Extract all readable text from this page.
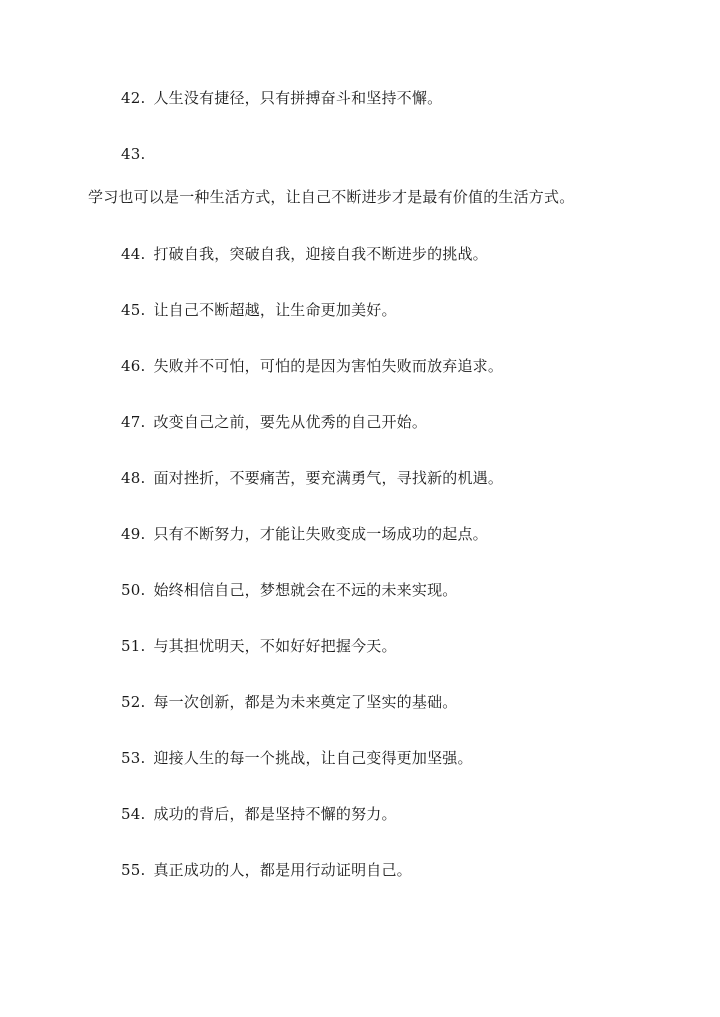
42. 人生没有捷径，只有拼搏奋斗和坚持不懈。
43.
学习也可以是一种生活方式，让自己不断进步才是最有价值的生活方式。
44. 打破自我，突破自我，迎接自我不断进步的挑战。
45. 让自己不断超越，让生命更加美好。
46. 失败并不可怕，可怕的是因为害怕失败而放弃追求。
47. 改变自己之前，要先从优秀的自己开始。
48. 面对挫折，不要痛苦，要充满勇气，寻找新的机遇。
49. 只有不断努力，才能让失败变成一场成功的起点。
50. 始终相信自己，梦想就会在不远的未来实现。
51. 与其担忧明天，不如好好把握今天。
52. 每一次创新，都是为未来奠定了坚实的基础。
53. 迎接人生的每一个挑战，让自己变得更加坚强。
54. 成功的背后，都是坚持不懈的努力。
55. 真正成功的人，都是用行动证明自己。
